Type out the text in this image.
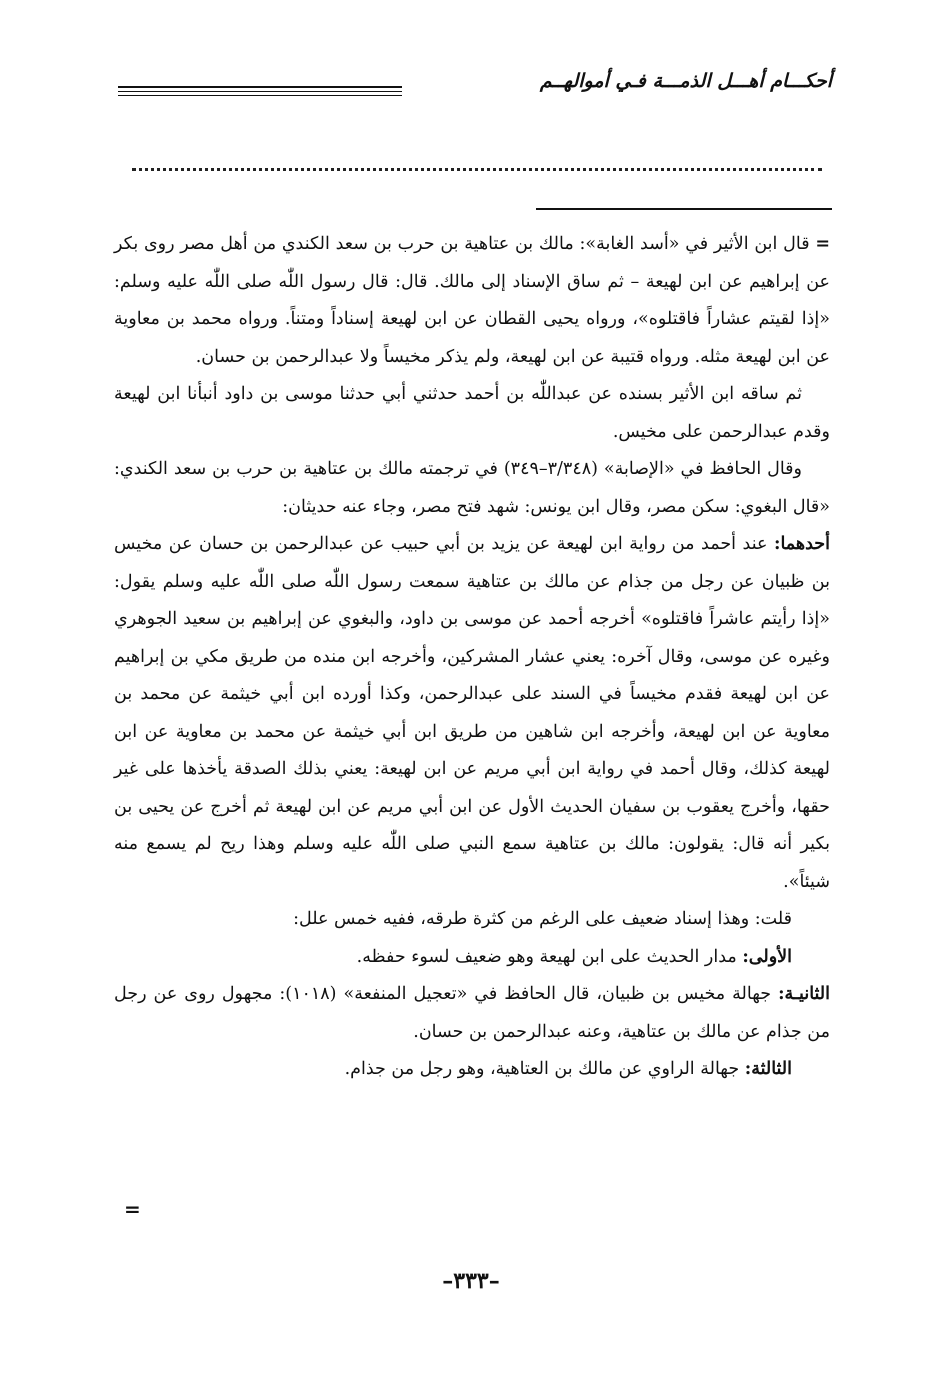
أحكـــام أهـــل الذمـــة فـي أموالهــم

= قال ابن الأثير في «أسد الغابة»: مالك بن عتاهية بن حرب بن سعد الكندي من أهل مصر روى بكر عن إبراهيم عن ابن لهيعة – ثم ساق الإسناد إلى مالك. قال: قال رسول اللّٰه صلى اللّٰه عليه وسلم: «إذا لقيتم عشاراً فاقتلوه»، ورواه يحيى القطان عن ابن لهيعة إسناداً ومتناً. ورواه محمد بن معاوية عن ابن لهيعة مثله. ورواه قتيبة عن ابن لهيعة، ولم يذكر مخيساً ولا عبدالرحمن بن حسان.

ثم ساقه ابن الأثير بسنده عن عبداللّٰه بن أحمد حدثني أبي حدثنا موسى بن داود أنبأنا ابن لهيعة وقدم عبدالرحمن على مخيس.

وقال الحافظ في «الإصابة» (٣/٣٤٨–٣٤٩) في ترجمته مالك بن عتاهية بن حرب بن سعد الكندي: «قال البغوي: سكن مصر، وقال ابن يونس: شهد فتح مصر، وجاء عنه حديثان:

أحدهما: عند أحمد من رواية ابن لهيعة عن يزيد بن أبي حبيب عن عبدالرحمن بن حسان عن مخيس بن ظبيان عن رجل من جذام عن مالك بن عتاهية سمعت رسول اللّٰه صلى اللّٰه عليه وسلم يقول: «إذا رأيتم عاشراً فاقتلوه» أخرجه أحمد عن موسى بن داود، والبغوي عن إبراهيم بن سعيد الجوهري وغيره عن موسى، وقال آخره: يعني عشار المشركين، وأخرجه ابن منده من طريق مكي بن إبراهيم عن ابن لهيعة فقدم مخيساً في السند على عبدالرحمن، وكذا أورده ابن أبي خيثمة عن محمد بن معاوية عن ابن لهيعة، وأخرجه ابن شاهين من طريق ابن أبي خيثمة عن محمد بن معاوية عن ابن لهيعة كذلك، وقال أحمد في رواية ابن أبي مريم عن ابن لهيعة: يعني بذلك الصدقة يأخذها على غير حقها، وأخرج يعقوب بن سفيان الحديث الأول عن ابن أبي مريم عن ابن لهيعة ثم أخرج عن يحيى بن بكير أنه قال: يقولون: مالك بن عتاهية سمع النبي صلى اللّٰه عليه وسلم وهذا ريح لم يسمع منه شيئاً».

قلت: وهذا إسناد ضعيف على الرغم من كثرة طرقه، ففيه خمس علل:

الأولى: مدار الحديث على ابن لهيعة وهو ضعيف لسوء حفظه.

الثانيـة: جهالة مخيس بن ظبيان، قال الحافظ في «تعجيل المنفعة» (١٠١٨): مجهول روى عن رجل من جذام عن مالك بن عتاهية، وعنه عبدالرحمن بن حسان.

الثالثة: جهالة الراوي عن مالك بن العتاهية، وهو رجل من جذام.

=
–٣٣٣–
